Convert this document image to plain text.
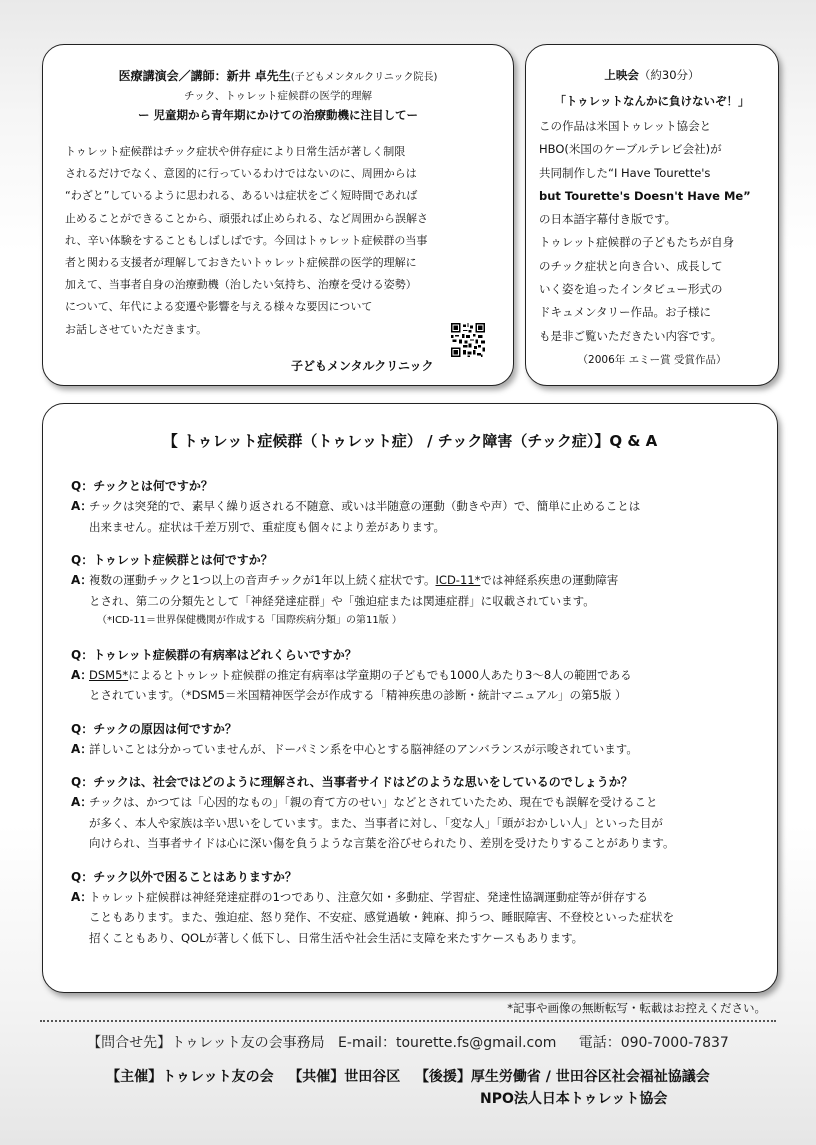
医療講演会／講師：新井 卓先生(子どもメンタルクリニック院長)
チック、トゥレット症候群の医学的理解
ー 児童期から青年期にかけての治療動機に注目してー

トゥレット症候群はチック症状や併存症により日常生活が著しく制限

されるだけでなく、意図的に行っているわけではないのに、周囲からは

“わざと”しているように思われる、あるいは症状をごく短時間であれば

止めることができることから、頑張れば止められる、など周囲から誤解さ

れ、辛い体験をすることもしばしばです。今回はトゥレット症候群の当事

者と関わる支援者が理解しておきたいトゥレット症候群の医学的理解に

加えて、当事者自身の治療動機（治したい気持ち、治療を受ける姿勢）

について、年代による変遷や影響を与える様々な要因について

お話しさせていただきます。

子どもメンタルクリニック
上映会（約30分）
「トゥレットなんかに負けないぞ！」

この作品は米国トゥレット協会と

HBO(米国のケーブルテレビ会社)が

共同制作した“I Have Tourette's

but Tourette's Doesn't Have Me”

の日本語字幕付き版です。

トゥレット症候群の子どもたちが自身

のチック症状と向き合い、成長して

いく姿を追ったインタビュー形式の

ドキュメンタリー作品。お子様に

も是非ご覧いただきたい内容です。

（2006年 エミー賞 受賞作品）
【 トゥレット症候群（トゥレット症） / チック障害（チック症）】Q & A
Q：チックとは何ですか？
A：

チックは突発的で、素早く繰り返される不随意、或いは半随意の運動（動きや声）で、簡単に止めることは

出来ません。症状は千差万別で、重症度も個々により差があります。

Q：トゥレット症候群とは何ですか？
A：

複数の運動チックと1つ以上の音声チックが1年以上続く症状です。ICD-11*では神経系疾患の運動障害

とされ、第二の分類先として「神経発達症群」や「強迫症または関連症群」に収載されています。

（*ICD-11＝世界保健機関が作成する「国際疾病分類」の第11版 ）

Q：トゥレット症候群の有病率はどれくらいですか？
A：

DSM5*によるとトゥレット症候群の推定有病率は学童期の子どもでも1000人あたり3～8人の範囲である

とされています。（*DSM5＝米国精神医学会が作成する「精神疾患の診断・統計マニュアル」の第5版 ）

Q：チックの原因は何ですか？
A：

詳しいことは分かっていませんが、ドーパミン系を中心とする脳神経のアンバランスが示唆されています。

Q：チックは、社会ではどのように理解され、当事者サイドはどのような思いをしているのでしょうか？
A：

チックは、かつては「心因的なもの」「親の育て方のせい」などとされていたため、現在でも誤解を受けること

が多く、本人や家族は辛い思いをしています。また、当事者に対し、「変な人」「頭がおかしい人」といった目が

向けられ、当事者サイドは心に深い傷を負うような言葉を浴びせられたり、差別を受けたりすることがあります。

Q：チック以外で困ることはありますか？
A：

トゥレット症候群は神経発達症群の1つであり、注意欠如・多動症、学習症、発達性協調運動症等が併存する

こともあります。また、強迫症、怒り発作、不安症、感覚過敏・鈍麻、抑うつ、睡眠障害、不登校といった症状を

招くこともあり、QOLが著しく低下し、日常生活や社会生活に支障を来たすケースもあります。

*記事や画像の無断転写・転載はお控えください。
【問合せ先】トゥレット友の会事務局 E-mail：tourette.fs@gmail.com 電話：090-7000-7837
【主催】トゥレット友の会 【共催】世田谷区 【後援】厚生労働省 / 世田谷区社会福祉協議会
NPO法人日本トゥレット協会
